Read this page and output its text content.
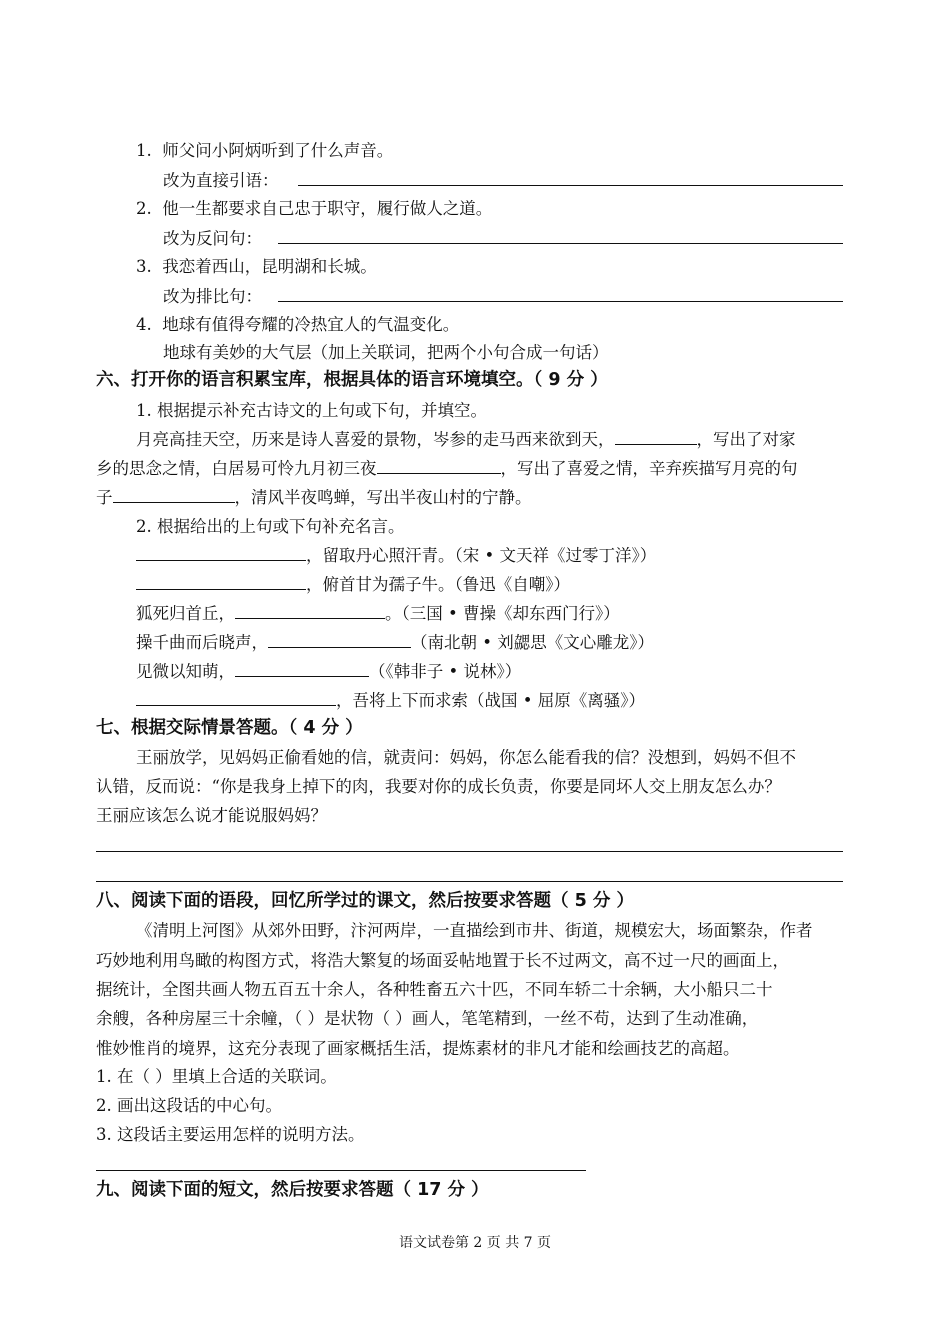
1. 师父问小阿炳听到了什么声音。
改为直接引语：
2. 他一生都要求自己忠于职守，履行做人之道。
改为反问句：
3. 我恋着西山，昆明湖和长城。
改为排比句：
4. 地球有值得夸耀的冷热宜人的气温变化。
地球有美妙的大气层（加上关联词，把两个小句合成一句话）
六、打开你的语言积累宝库，根据具体的语言环境填空。（ 9 分 ）
1. 根据提示补充古诗文的上句或下句，并填空。
月亮高挂天空，历来是诗人喜爱的景物，岑参的走马西来欲到天，	，写出了对家
乡的思念之情，白居易可怜九月初三夜	，写出了喜爱之情，辛弃疾描写月亮的句
子	，清风半夜鸣蝉，写出半夜山村的宁静。
2. 根据给出的上句或下句补充名言。
，留取丹心照汗青。（宋 • 文天祥《过零丁洋》）
，俯首甘为孺子牛。（鲁迅《自嘲》）
狐死归首丘，	。（三国 • 曹操《却东西门行》）
操千曲而后晓声，	（南北朝 • 刘勰思《文心雕龙》）
见微以知萌，	（《韩非子 • 说林》）
，吾将上下而求索（战国 • 屈原《离骚》）
七、根据交际情景答题。（ 4 分 ）
王丽放学，见妈妈正偷看她的信，就责问：妈妈，你怎么能看我的信？没想到，妈妈不但不
认错，反而说：“你是我身上掉下的肉，我要对你的成长负责，你要是同坏人交上朋友怎么办？
王丽应该怎么说才能说服妈妈？
八、阅读下面的语段，回忆所学过的课文，然后按要求答题（ 5 分 ）
《清明上河图》从郊外田野，汴河两岸，一直描绘到市井、街道，规模宏大，场面繁杂，作者
巧妙地利用鸟瞰的构图方式，将浩大繁复的场面妥帖地置于长不过两文，高不过一尺的画面上，
据统计，全图共画人物五百五十余人，各种牲畜五六十匹，不同车轿二十余辆，大小船只二十
余艘，各种房屋三十余幢，（ ）是状物（ ）画人，笔笔精到，一丝不苟，达到了生动准确，
惟妙惟肖的境界，这充分表现了画家概括生活，提炼素材的非凡才能和绘画技艺的高超。
1. 在（ ）里填上合适的关联词。
2. 画出这段话的中心句。
3. 这段话主要运用怎样的说明方法。
九、阅读下面的短文，然后按要求答题（ 17 分 ）
语文试卷第 2 页 共 7 页
